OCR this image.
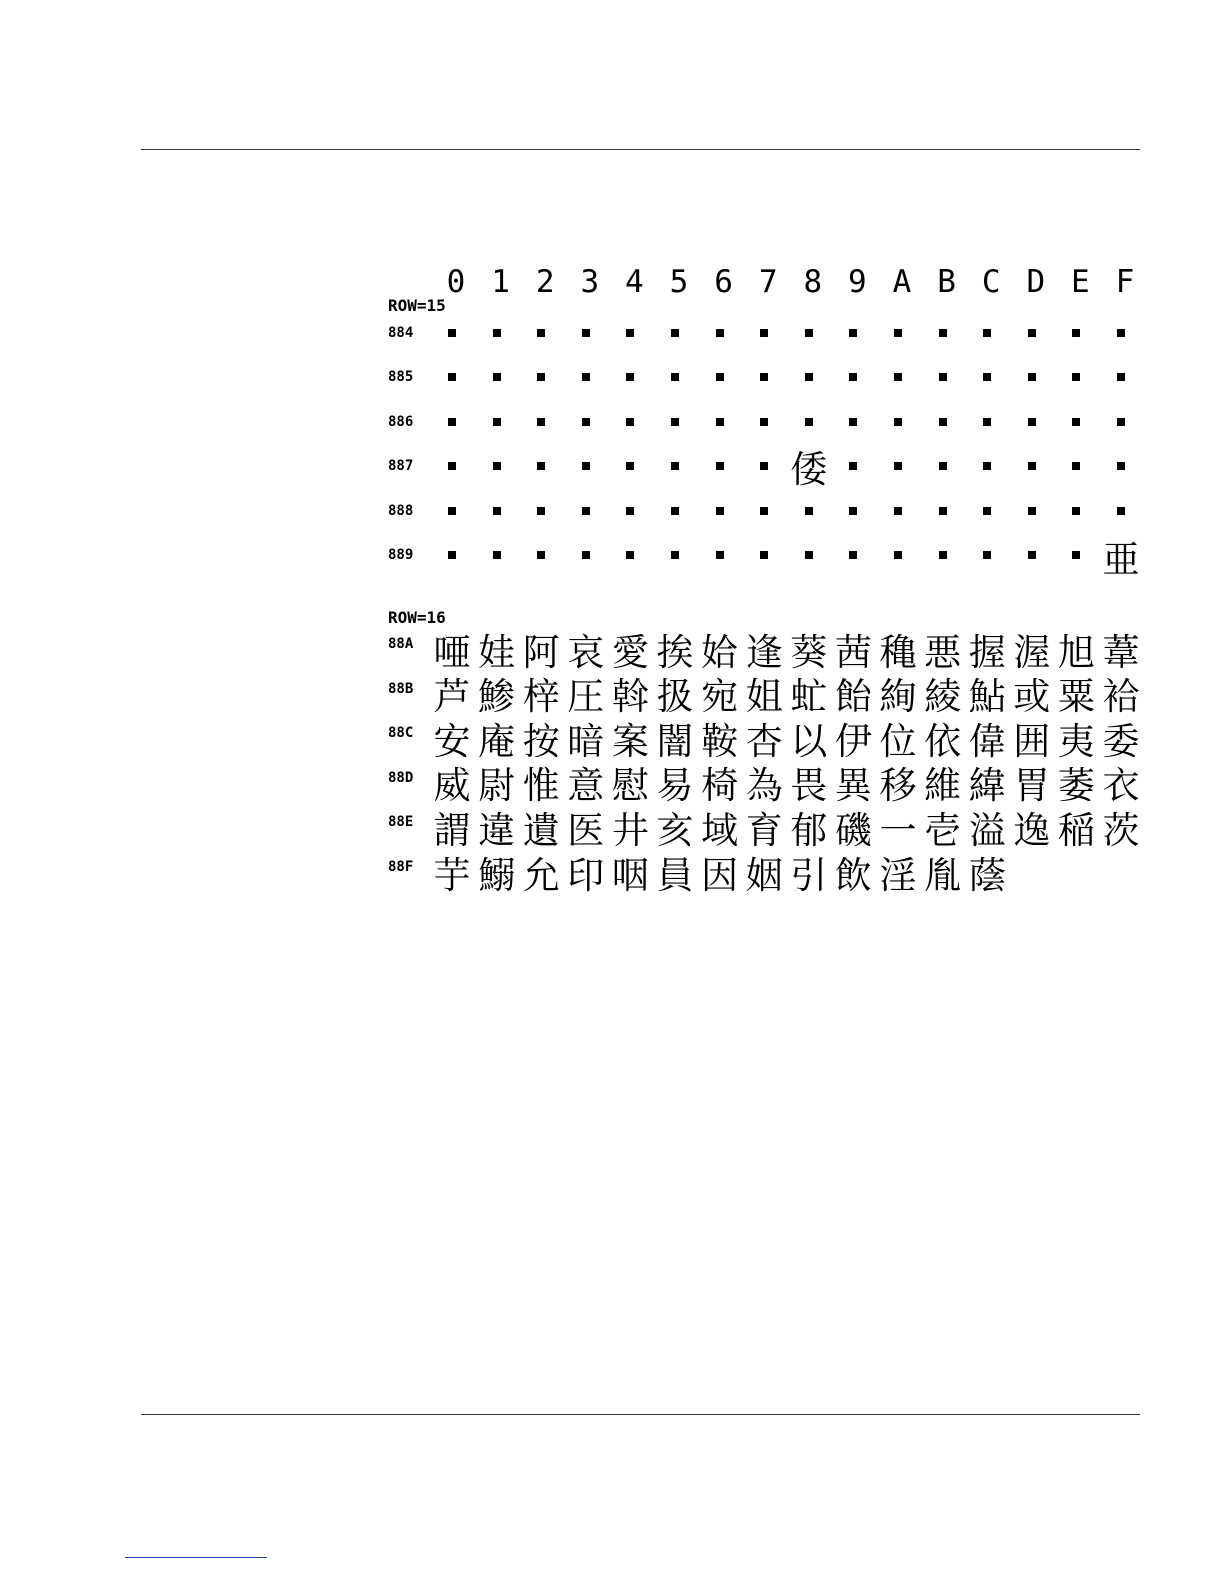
0 1 2 3 4 5 6 7 8 9 A B C D E F
ROW=15
884
885
886
887	倭
888
889	亜
ROW=16
88A 唖 娃 阿 哀 愛 挨 姶 逢 葵 茜 穐 悪 握 渥 旭 葦
88B 芦 鯵 梓 圧 斡 扱 宛 姐 虻 飴 絢 綾 鮎 或 粟 袷
88C 安 庵 按 暗 案 闇 鞍 杏 以 伊 位 依 偉 囲 夷 委
88D 威 尉 惟 意 慰 易 椅 為 畏 異 移 維 緯 胃 萎 衣
88E 謂 違 遺 医 井 亥 域 育 郁 磯 一 壱 溢 逸 稲 茨
88F 芋 鰯 允 印 咽 員 因 姻 引 飲 淫 胤 蔭
